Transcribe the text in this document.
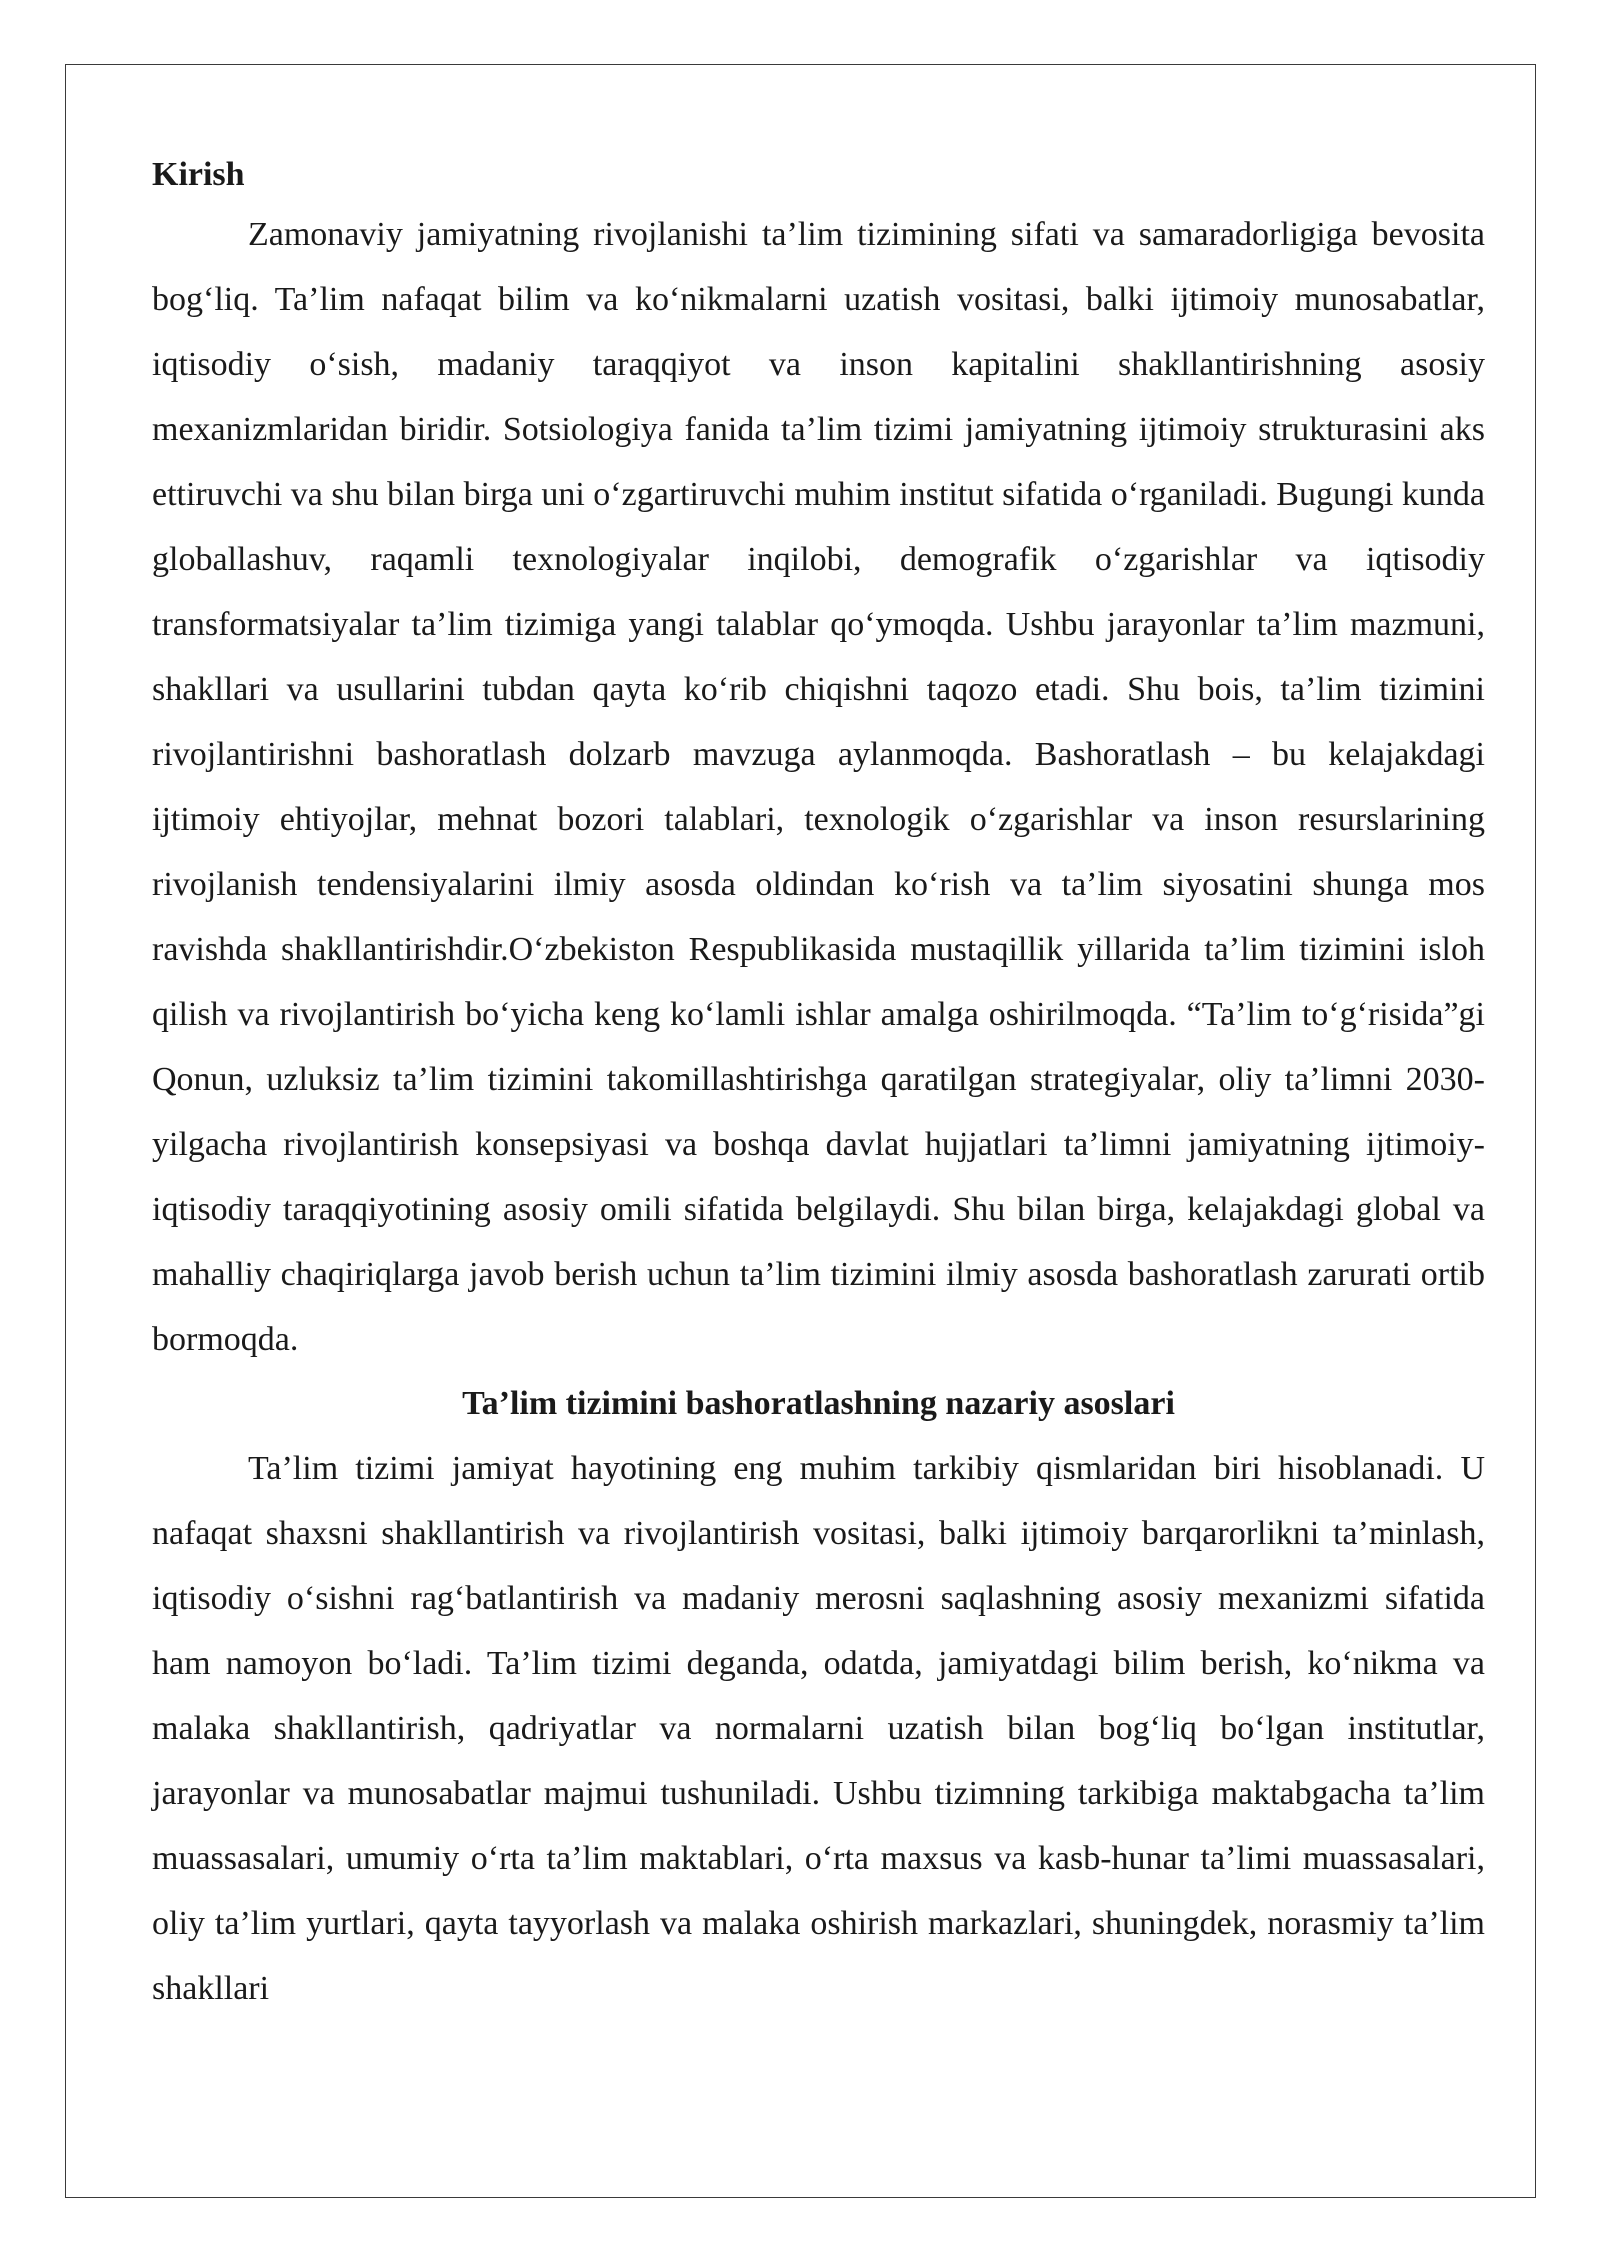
Kirish

Zamonaviy jamiyatning rivojlanishi ta’lim tizimining sifati va samaradorligiga bevosita bog‘liq. Ta’lim nafaqat bilim va ko‘nikmalarni uzatish vositasi, balki ijtimoiy munosabatlar, iqtisodiy o‘sish, madaniy taraqqiyot va inson kapitalini shakllantirishning asosiy mexanizmlaridan biridir. Sotsiologiya fanida ta’lim tizimi jamiyatning ijtimoiy strukturasini aks ettiruvchi va shu bilan birga uni o‘zgartiruvchi muhim institut sifatida o‘rganiladi. Bugungi kunda globallashuv, raqamli texnologiyalar inqilobi, demografik o‘zgarishlar va iqtisodiy transformatsiyalar ta’lim tizimiga yangi talablar qo‘ymoqda. Ushbu jarayonlar ta’lim mazmuni, shakllari va usullarini tubdan qayta ko‘rib chiqishni taqozo etadi. Shu bois, ta’lim tizimini rivojlantirishni bashoratlash dolzarb mavzuga aylanmoqda. Bashoratlash – bu kelajakdagi ijtimoiy ehtiyojlar, mehnat bozori talablari, texnologik o‘zgarishlar va inson resurslarining rivojlanish tendensiyalarini ilmiy asosda oldindan ko‘rish va ta’lim siyosatini shunga mos ravishda shakllantirishdir.O‘zbekiston Respublikasida mustaqillik yillarida ta’lim tizimini isloh qilish va rivojlantirish bo‘yicha keng ko‘lamli ishlar amalga oshirilmoqda. “Ta’lim to‘g‘risida”gi Qonun, uzluksiz ta’lim tizimini takomillashtirishga qaratilgan strategiyalar, oliy ta’limni 2030-yilgacha rivojlantirish konsepsiyasi va boshqa davlat hujjatlari ta’limni jamiyatning ijtimoiy-iqtisodiy taraqqiyotining asosiy omili sifatida belgilaydi. Shu bilan birga, kelajakdagi global va mahalliy chaqiriqlarga javob berish uchun ta’lim tizimini ilmiy asosda bashoratlash zarurati ortib bormoqda.

Ta’lim tizimini bashoratlashning nazariy asoslari

Ta’lim tizimi jamiyat hayotining eng muhim tarkibiy qismlaridan biri hisoblanadi. U nafaqat shaxsni shakllantirish va rivojlantirish vositasi, balki ijtimoiy barqarorlikni ta’minlash, iqtisodiy o‘sishni rag‘batlantirish va madaniy merosni saqlashning asosiy mexanizmi sifatida ham namoyon bo‘ladi. Ta’lim tizimi deganda, odatda, jamiyatdagi bilim berish, ko‘nikma va malaka shakllantirish, qadriyatlar va normalarni uzatish bilan bog‘liq bo‘lgan institutlar, jarayonlar va munosabatlar majmui tushuniladi. Ushbu tizimning tarkibiga maktabgacha ta’lim muassasalari, umumiy o‘rta ta’lim maktablari, o‘rta maxsus va kasb-hunar ta’limi muassasalari, oliy ta’lim yurtlari, qayta tayyorlash va malaka oshirish markazlari, shuningdek, norasmiy ta’lim shakllari
